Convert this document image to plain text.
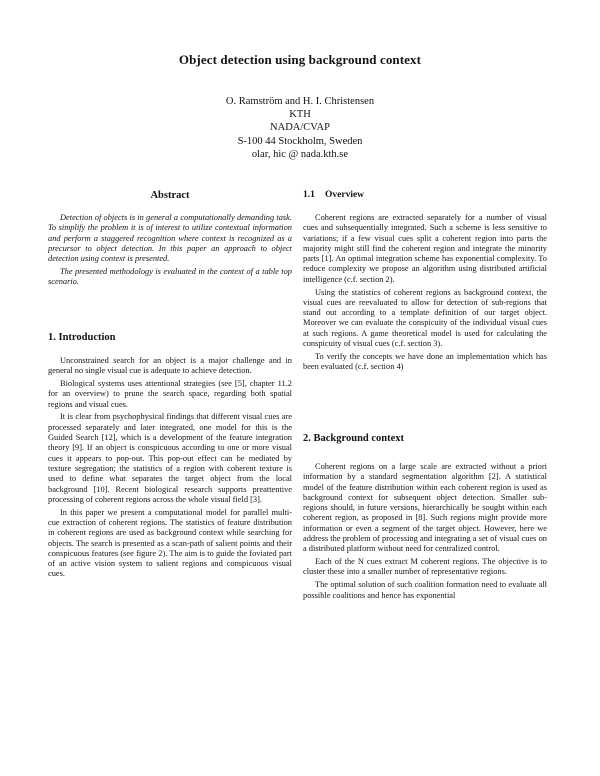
Object detection using background context
O. Ramström and H. I. Christensen
KTH
NADA/CVAP
S-100 44 Stockholm, Sweden
olar, hic @ nada.kth.se
Abstract

Detection of objects is in general a computationally demanding task. To simplify the problem it is of interest to utilize contextual information and perform a staggered recognition where context is recognized as a precursor to object detection. In this paper an approach to object detection using context is presented.

The presented methodology is evaluated in the context of a table top scenario.

1. Introduction

Unconstrained search for an object is a major challenge and in general no single visual cue is adequate to achieve detection.

Biological systems uses attentional strategies (see [5], chapter 11.2 for an overview) to prune the search space, regarding both spatial regions and visual cues.

It is clear from psychophysical findings that different visual cues are processed separately and later integrated, one model for this is the Guided Search [12], which is a development of the feature integration theory [9]. If an object is conspicuous according to one or more visual cues it appears to pop-out. This pop-out effect can be mediated by texture segregation; the statistics of a region with coherent texture is used to define what separates the target object from the local background [10]. Recent biological research supports preattentive processing of coherent regions across the whole visual field [3].

In this paper we present a computational model for parallel multi-cue extraction of coherent regions. The statistics of feature distribution in coherent regions are used as background context while searching for objects. The search is presented as a scan-path of salient points and their conspicuous features (see figure 2). The aim is to guide the foviated part of an active vision system to salient regions and conspicuous visual cues.

1.1 Overview

Coherent regions are extracted separately for a number of visual cues and subsequentially integrated. Such a scheme is less sensitive to variations; if a few visual cues split a coherent region into parts the majority might still find the coherent region and integrate the minority parts [1]. An optimal integration scheme has exponential complexity. To reduce complexity we propose an algorithm using distributed artificial intelligence (c.f. section 2).

Using the statistics of coherent regions as background context, the visual cues are reevaluated to allow for detection of sub-regions that stand out according to a template definition of our target object. Moreover we can evaluate the conspicuity of the individual visual cues at such regions. A game theoretical model is used for calculating the conspicuity of visual cues (c.f. section 3).

To verify the concepts we have done an implementation which has been evaluated (c.f. section 4)

2. Background context

Coherent regions on a large scale are extracted without a priori information by a standard segmentation algorithm [2]. A statistical model of the feature distribution within each coherent region is used as background context for subsequent object detection. Smaller sub-regions should, in future versions, hierarchically be sought within each coherent region, as proposed in [8]. Such regions might provide more information or even a segment of the target object. However, here we address the problem of processing and integrating a set of visual cues on a distributed platform without need for centralized control.

Each of the N cues extract M coherent regions. The objective is to cluster these into a smaller number of representative regions.

The optimal solution of such coalition formation need to evaluate all possible coalitions and hence has exponential
